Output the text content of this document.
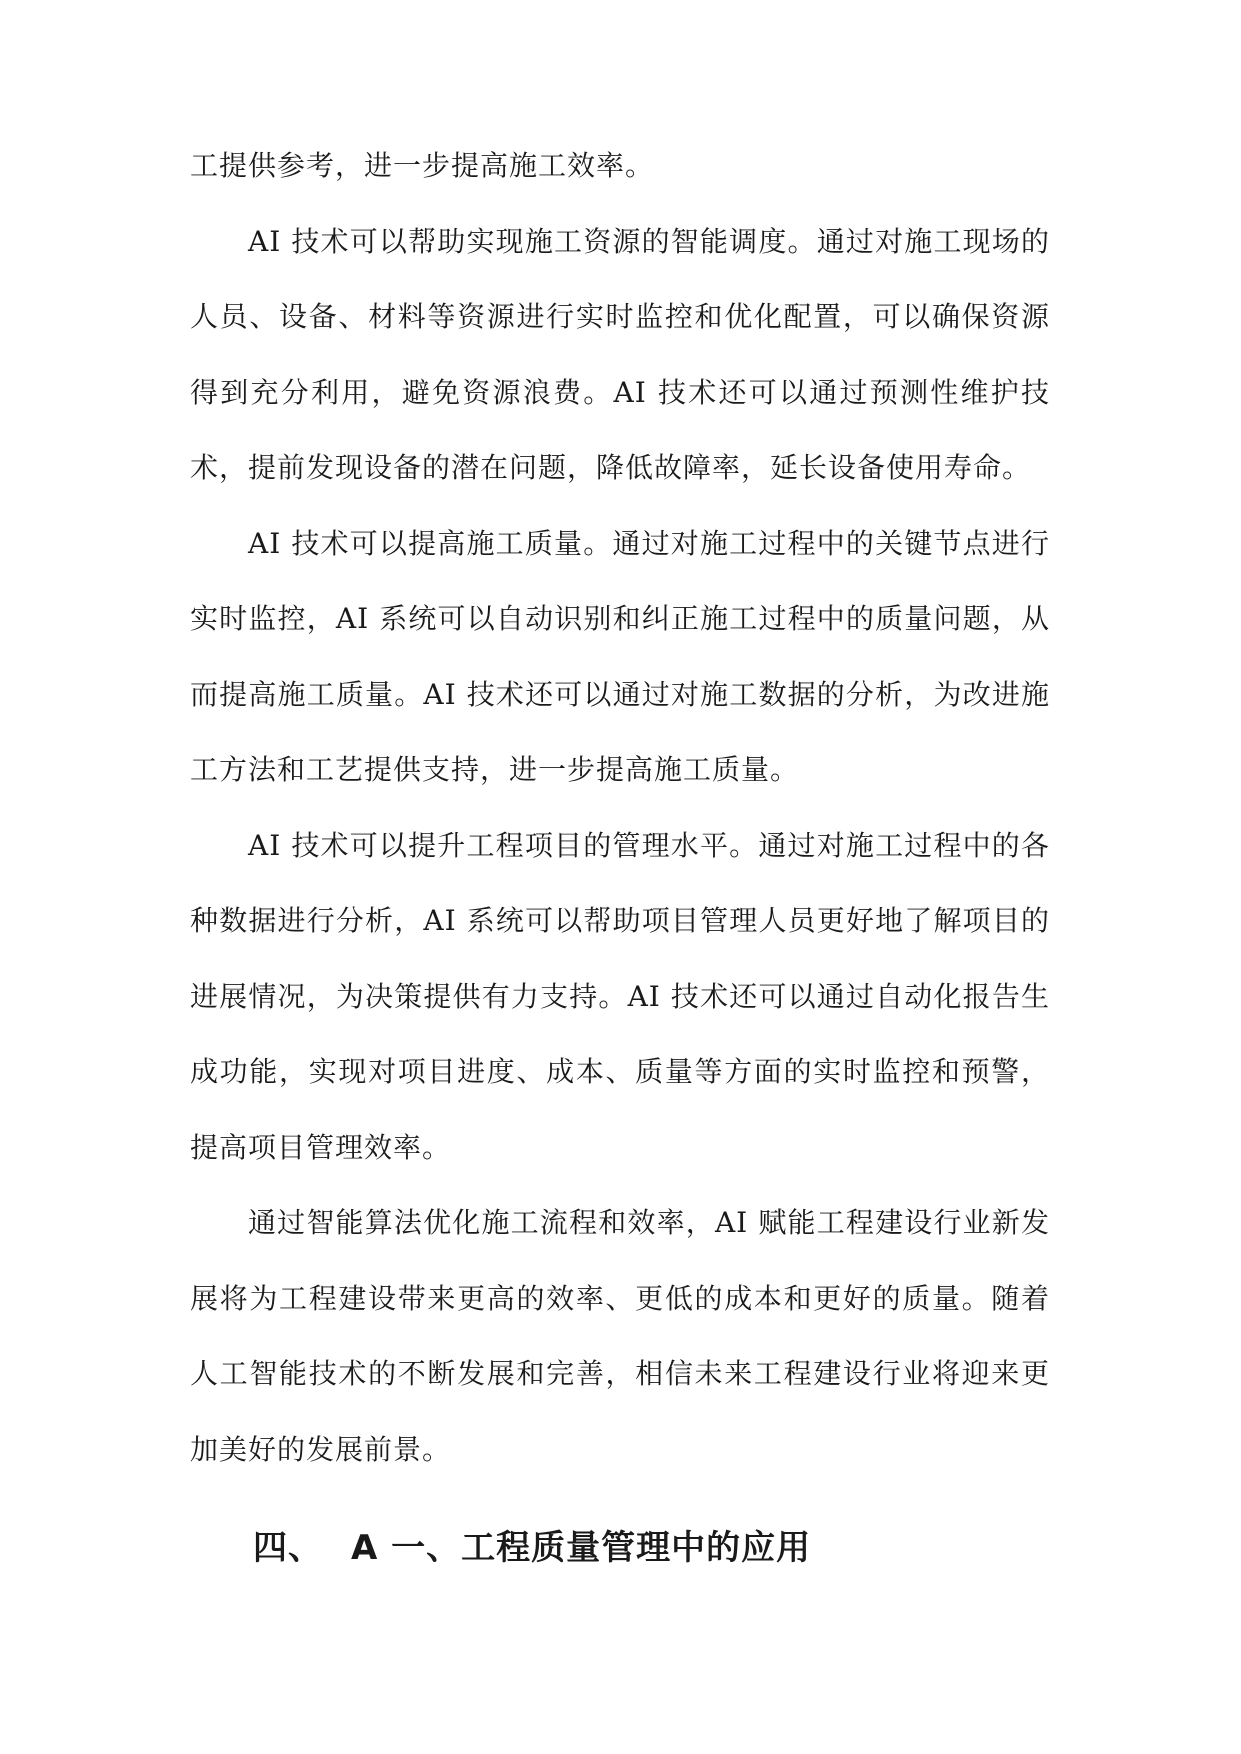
工提供参考，进一步提高施工效率。

AI 技术可以帮助实现施工资源的智能调度。通过对施工现场的人员、设备、材料等资源进行实时监控和优化配置，可以确保资源得到充分利用，避免资源浪费。AI 技术还可以通过预测性维护技术，提前发现设备的潜在问题，降低故障率，延长设备使用寿命。

AI 技术可以提高施工质量。通过对施工过程中的关键节点进行实时监控，AI 系统可以自动识别和纠正施工过程中的质量问题，从而提高施工质量。AI 技术还可以通过对施工数据的分析，为改进施工方法和工艺提供支持，进一步提高施工质量。

AI 技术可以提升工程项目的管理水平。通过对施工过程中的各种数据进行分析，AI 系统可以帮助项目管理人员更好地了解项目的进展情况，为决策提供有力支持。AI 技术还可以通过自动化报告生成功能，实现对项目进度、成本、质量等方面的实时监控和预警，提高项目管理效率。

通过智能算法优化施工流程和效率，AI 赋能工程建设行业新发展将为工程建设带来更高的效率、更低的成本和更好的质量。随着人工智能技术的不断发展和完善，相信未来工程建设行业将迎来更加美好的发展前景。

四、 A 一、工程质量管理中的应用
